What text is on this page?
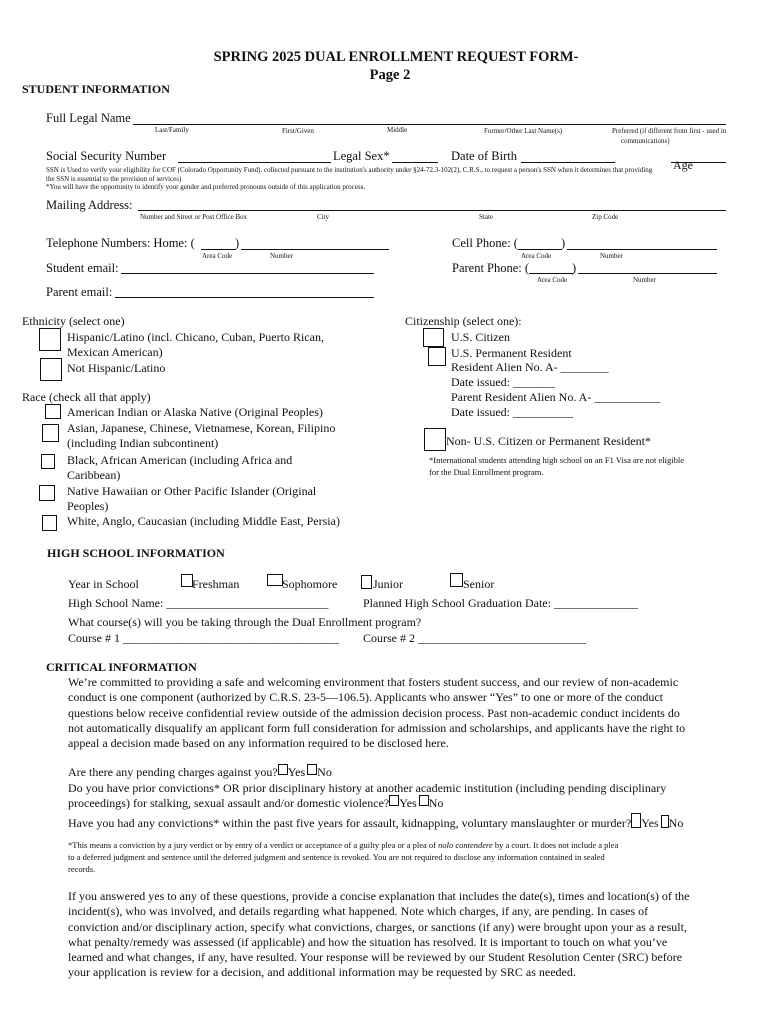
SPRING 2025 DUAL ENROLLMENT REQUEST FORM-
Page 2
STUDENT INFORMATION
Full Legal Name
Last/Family	First/Given	Middle	Former/Other Last Name(s)	Preferred (if different from first - used in
communications)
Social Security Number	Legal Sex*	Date of Birth
Age
SSN is Used to verify your eligibility for COF (Colorado Opportunity Fund). collected pursuant to the institution's authority under §24-72.3-102(2), C.R.S., to request a person's SSN when it determines that providing
the SSN is essential to the provision of services)
*You will have the opportunity to identify your gender and preferred pronouns outside of this application process.
Mailing Address:
Number and Street or Post Office Box	City	State	Zip Code
Telephone Numbers: Home: (	)
Area Code	Number
Cell Phone: (	)
Area Code	Number
Student email:	Parent Phone: (	)
Area Code	Number
Parent email:
Ethnicity (select one)
Hispanic/Latino (incl. Chicano, Cuban, Puerto Rican,
Mexican American)
Not Hispanic/Latino
Race (check all that apply)
American Indian or Alaska Native (Original Peoples)
Asian, Japanese, Chinese, Vietnamese, Korean, Filipino
(including Indian subcontinent)
Black, African American (including Africa and
Caribbean)
Native Hawaiian or Other Pacific Islander (Original
Peoples)
White, Anglo, Caucasian (including Middle East, Persia)
Citizenship (select one):
U.S. Citizen
U.S. Permanent Resident
Resident Alien No. A- ________
Date issued: _______
Parent Resident Alien No. A- ___________
Date issued: __________
Non- U.S. Citizen or Permanent Resident*
*International students attending high school on an F1 Visa are not eligible
for the Dual Enrollment program.
HIGH SCHOOL INFORMATION
Year in School	Freshman	Sophomore	Junior	Senior
High School Name: ___________________________	Planned High School Graduation Date: ______________
What course(s) will you be taking through the Dual Enrollment program?
Course # 1 ____________________________________ Course # 2 ____________________________
CRITICAL INFORMATION
We’re committed to providing a safe and welcoming environment that fosters student success, and our review of non-academic
conduct is one component (authorized by C.R.S. 23-5—106.5). Applicants who answer “Yes” to one or more of the conduct
questions below receive confidential review outside of the admission decision process. Past non-academic conduct incidents do
not automatically disqualify an applicant form full consideration for admission and scholarships, and applicants have the right to
appeal a decision made based on any information required to be disclosed here.
Are there any pending charges against you? Yes No
Do you have prior convictions* OR prior disciplinary history at another academic institution (including pending disciplinary
proceedings) for stalking, sexual assault and/or domestic violence? Yes No
Have you had any convictions* within the past five years for assault, kidnapping, voluntary manslaughter or murder? Yes No
*This means a conviction by a jury verdict or by entry of a verdict or acceptance of a guilty plea or a plea of nolo contendere by a court. It does not include a plea
to a deferred judgment and sentence until the deferred judgment and sentence is revoked. You are not required to disclose any information contained in sealed
records.
If you answered yes to any of these questions, provide a concise explanation that includes the date(s), times and location(s) of the
incident(s), who was involved, and details regarding what happened. Note which charges, if any, are pending. In cases of
conviction and/or disciplinary action, specify what convictions, charges, or sanctions (if any) were brought upon your as a result,
what penalty/remedy was assessed (if applicable) and how the situation has resolved. It is important to touch on what you’ve
learned and what changes, if any, have resulted. Your response will be reviewed by our Student Resolution Center (SRC) before
your application is review for a decision, and additional information may be requested by SRC as needed.
